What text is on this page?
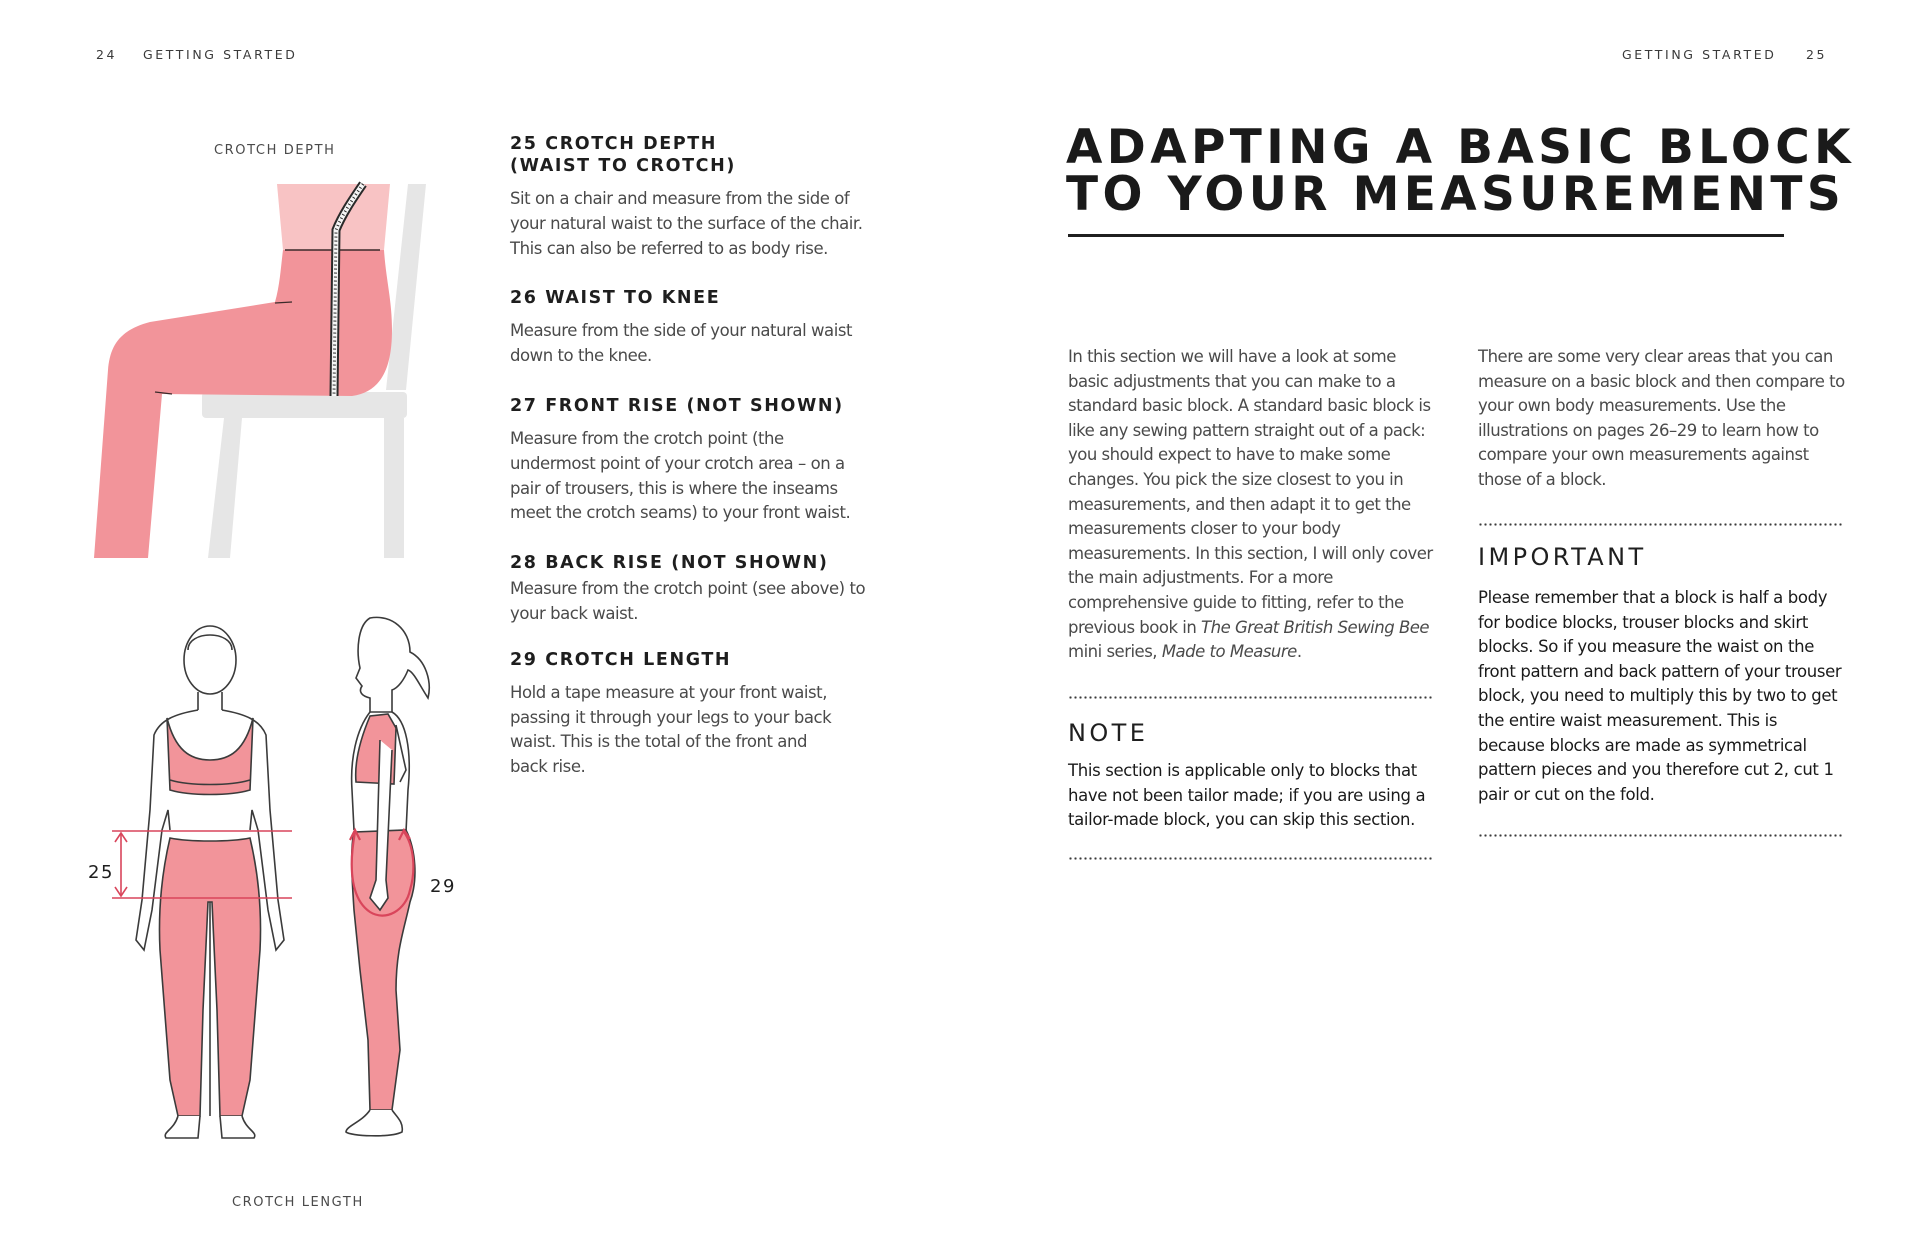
24 GETTING STARTED
CROTCH DEPTH
25
29
CROTCH LENGTH
25 CROTCH DEPTH
(WAIST TO CROTCH)
Sit on a chair and measure from the side of your natural waist to the surface of the chair. This can also be referred to as body rise.
26 WAIST TO KNEE
Measure from the side of your natural waist down to the knee.
27 FRONT RISE (NOT SHOWN)
Measure from the crotch point (the undermost point of your crotch area – on a pair of trousers, this is where the inseams meet the crotch seams) to your front waist.
28 BACK RISE (NOT SHOWN)
Measure from the crotch point (see above) to your back waist.
29 CROTCH LENGTH
Hold a tape measure at your front waist, passing it through your legs to your back waist. This is the total of the front and back rise.
GETTING STARTED 25
ADAPTING A BASIC BLOCK
TO YOUR MEASUREMENTS
In this section we will have a look at some basic adjustments that you can make to a standard basic block. A standard basic block is like any sewing pattern straight out of a pack: you should expect to have to make some changes. You pick the size closest to you in measurements, and then adapt it to get the measurements closer to your body measurements. In this section, I will only cover the main adjustments. For a more comprehensive guide to fitting, refer to the previous book in The Great British Sewing Bee mini series, Made to Measure.
NOTE
This section is applicable only to blocks that have not been tailor made; if you are using a tailor-made block, you can skip this section.
There are some very clear areas that you can measure on a basic block and then compare to your own body measurements. Use the illustrations on pages 26–29 to learn how to compare your own measurements against those of a block.
IMPORTANT
Please remember that a block is half a body for bodice blocks, trouser blocks and skirt blocks. So if you measure the waist on the front pattern and back pattern of your trouser block, you need to multiply this by two to get the entire waist measurement. This is because blocks are made as symmetrical pattern pieces and you therefore cut 2, cut 1 pair or cut on the fold.
